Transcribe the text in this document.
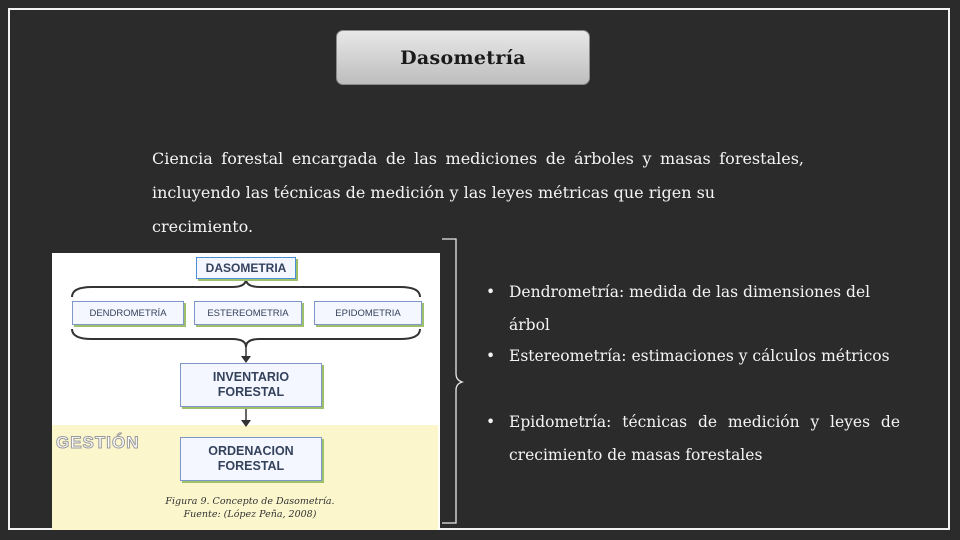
Dasometría

Ciencia forestal encargada de las mediciones de árboles y masas forestales,

incluyendo las técnicas de medición y las leyes métricas que rigen su crecimiento.

DASOMETRIA
DENDROMETRÍA	ESTEREOMETRIA	EPIDOMETRIA
INVENTARIO
FORESTAL
GESTIÓN	ORDENACION
FORESTAL
Figura 9. Concepto de Dasometría.
Fuente: (López Peña, 2008)
• Dendrometría: medida de las dimensiones del árbol
• Estereometría: estimaciones y cálculos métricos
• Epidometría: técnicas de medición y leyes de
crecimiento de masas forestales
